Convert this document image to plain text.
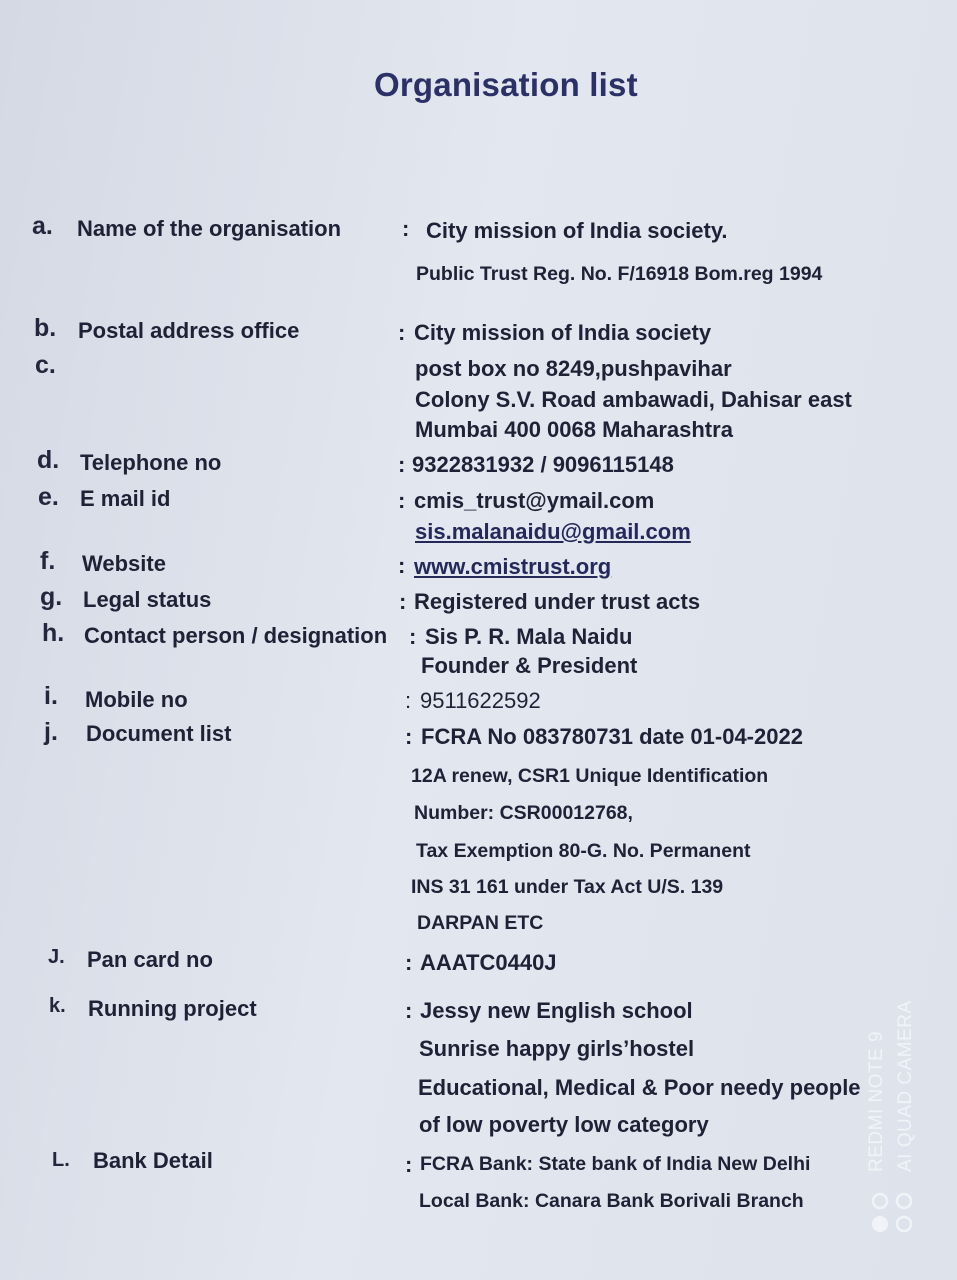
Organisation list
a. Name of the organisation	: City mission of India society.
Public Trust Reg. No. F/16918 Bom.reg 1994
b. Postal address office	: City mission of India society
c.	post box no 8249,pushpavihar
Colony S.V. Road ambawadi, Dahisar east
Mumbai 400 0068 Maharashtra
d. Telephone no	: 9322831932 / 9096115148
e. E mail id	: cmis_trust@ymail.com
sis.malanaidu@gmail.com
f. Website	: www.cmistrust.org
g. Legal status	: Registered under trust acts
h. Contact person / designation : Sis P. R. Mala Naidu
Founder & President
i. Mobile no	: 9511622592
j. Document list	: FCRA No 083780731 date 01-04-2022
12A renew, CSR1 Unique Identification
Number: CSR00012768,
Tax Exemption 80-G. No. Permanent
INS 31 161 under Tax Act U/S. 139
DARPAN ETC
J. Pan card no	: AAATC0440J
k. Running project	: Jessy new English school
Sunrise happy girls’hostel
Educational, Medical & Poor needy people
of low poverty low category
L. Bank Detail	: FCRA Bank: State bank of India New Delhi
Local Bank: Canara Bank Borivali Branch
REDMI NOTE 9 AI QUAD CAMERA
